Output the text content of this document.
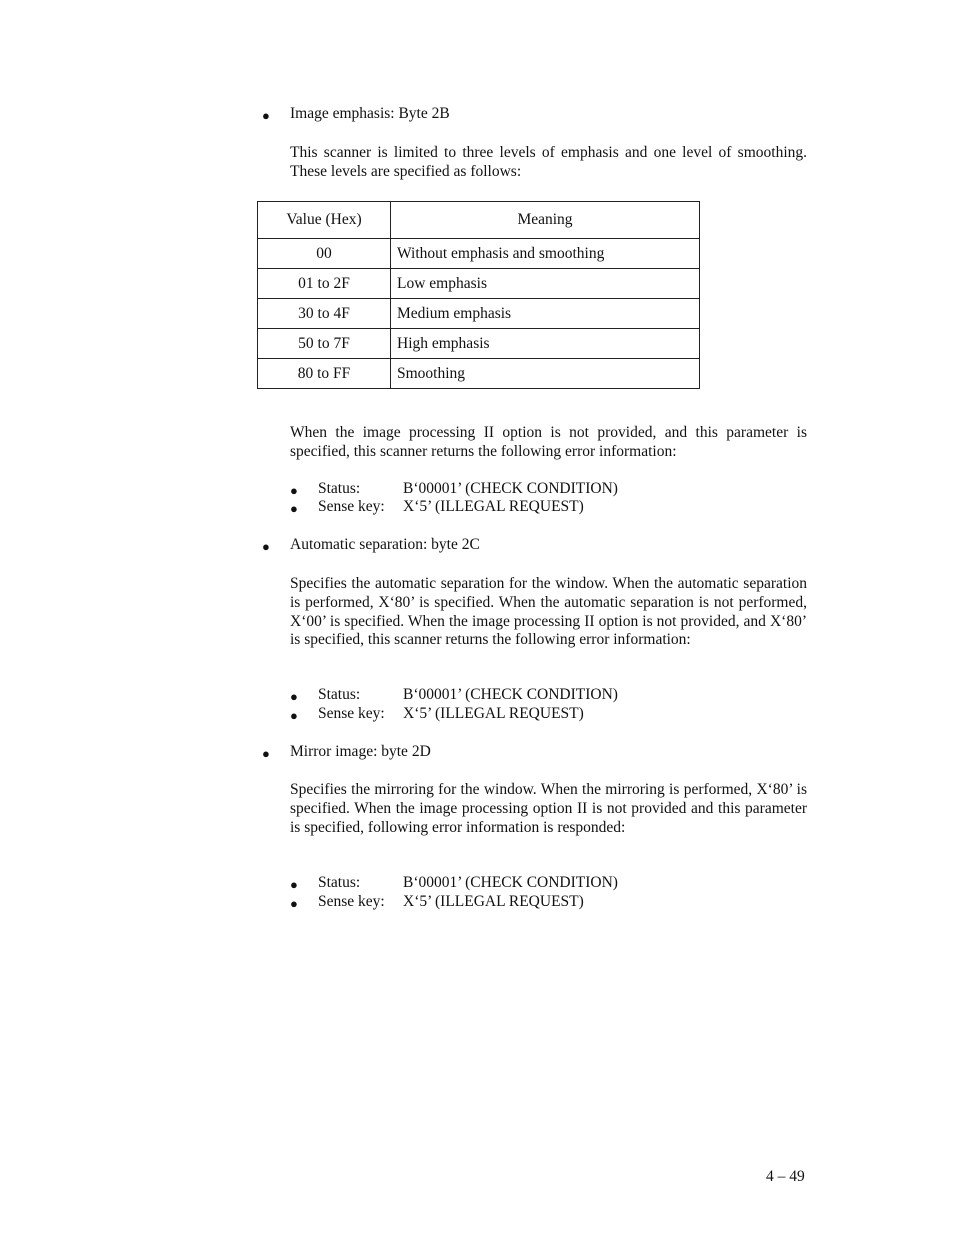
● Image emphasis: Byte 2B

This scanner is limited to three levels of emphasis and one level of smoothing. These levels are specified as follows:

Value (Hex)	Meaning
00	Without emphasis and smoothing
01 to 2F	Low emphasis
30 to 4F	Medium emphasis
50 to 7F	High emphasis
80 to FF	Smoothing

When the image processing II option is not provided, and this parameter is specified, this scanner returns the following error information:

● Status:	B‘00001’ (CHECK CONDITION)
● Sense key: X‘5’ (ILLEGAL REQUEST)
● Automatic separation: byte 2C

Specifies the automatic separation for the window. When the automatic separation is performed, X‘80’ is specified. When the automatic separation is not performed, X‘00’ is specified. When the image processing II option is not provided, and X‘80’ is specified, this scanner returns the following error information:

● Status:	B‘00001’ (CHECK CONDITION)
● Sense key: X‘5’ (ILLEGAL REQUEST)
● Mirror image: byte 2D

Specifies the mirroring for the window. When the mirroring is performed, X‘80’ is specified. When the image processing option II is not provided and this parameter is specified, following error information is responded:

● Status:	B‘00001’ (CHECK CONDITION)
● Sense key: X‘5’ (ILLEGAL REQUEST)
4 – 49
